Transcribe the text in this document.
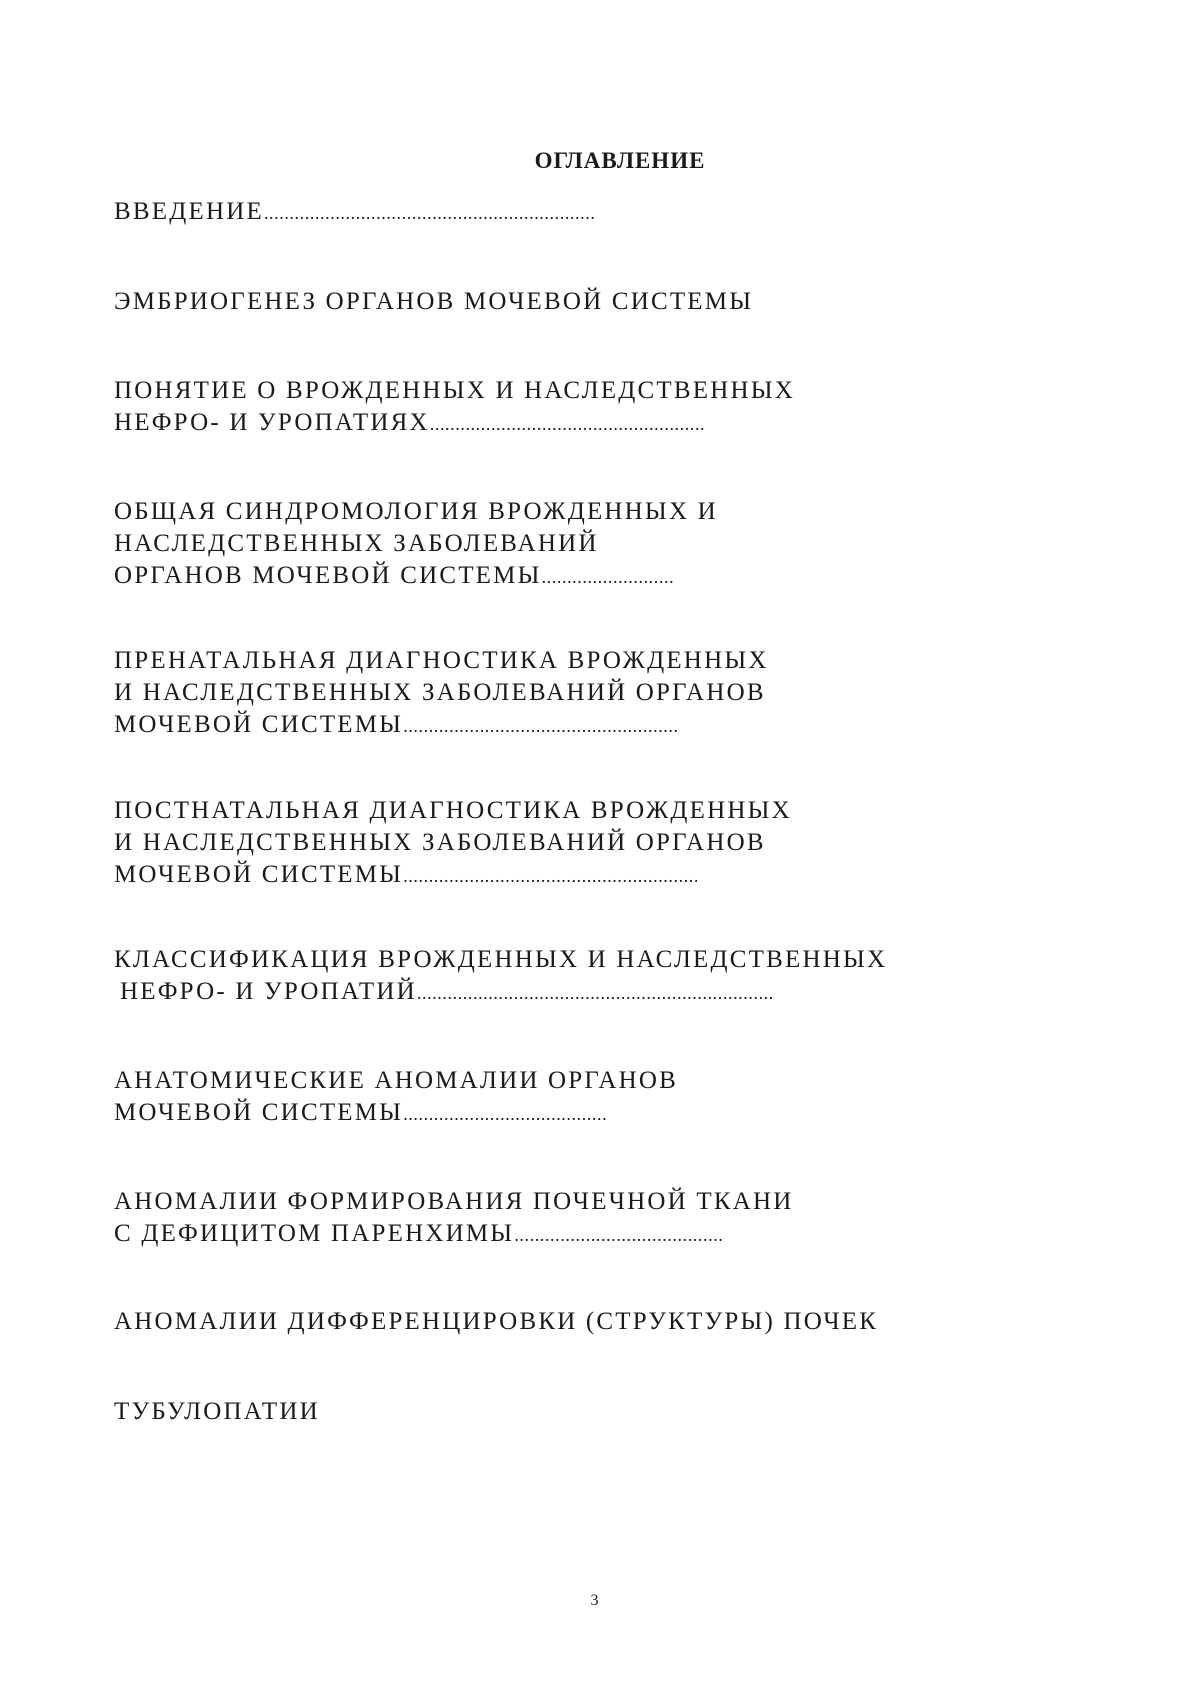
ОГЛАВЛЕНИЕ

ВВЕДЕНИЕ.................................................................

ЭМБРИОГЕНЕЗ ОРГАНОВ МОЧЕВОЙ СИСТЕМЫ

ПОНЯТИЕ О ВРОЖДЕННЫХ И НАСЛЕДСТВЕННЫХ
НЕФРО- И УРОПАТИЯХ......................................................

ОБЩАЯ СИНДРОМОЛОГИЯ ВРОЖДЕННЫХ И
НАСЛЕДСТВЕННЫХ ЗАБОЛЕВАНИЙ
ОРГАНОВ МОЧЕВОЙ СИСТЕМЫ..........................

ПРЕНАТАЛЬНАЯ ДИАГНОСТИКА ВРОЖДЕННЫХ
И НАСЛЕДСТВЕННЫХ ЗАБОЛЕВАНИЙ ОРГАНОВ
МОЧЕВОЙ СИСТЕМЫ......................................................

ПОСТНАТАЛЬНАЯ ДИАГНОСТИКА ВРОЖДЕННЫХ
И НАСЛЕДСТВЕННЫХ ЗАБОЛЕВАНИЙ ОРГАНОВ
МОЧЕВОЙ СИСТЕМЫ..........................................................

КЛАССИФИКАЦИЯ ВРОЖДЕННЫХ И НАСЛЕДСТВЕННЫХ
НЕФРО- И УРОПАТИЙ......................................................................

АНАТОМИЧЕСКИЕ АНОМАЛИИ ОРГАНОВ
МОЧЕВОЙ СИСТЕМЫ........................................

АНОМАЛИИ ФОРМИРОВАНИЯ ПОЧЕЧНОЙ ТКАНИ
С ДЕФИЦИТОМ ПАРЕНХИМЫ.........................................

АНОМАЛИИ ДИФФЕРЕНЦИРОВКИ (СТРУКТУРЫ) ПОЧЕК

ТУБУЛОПАТИИ

3
